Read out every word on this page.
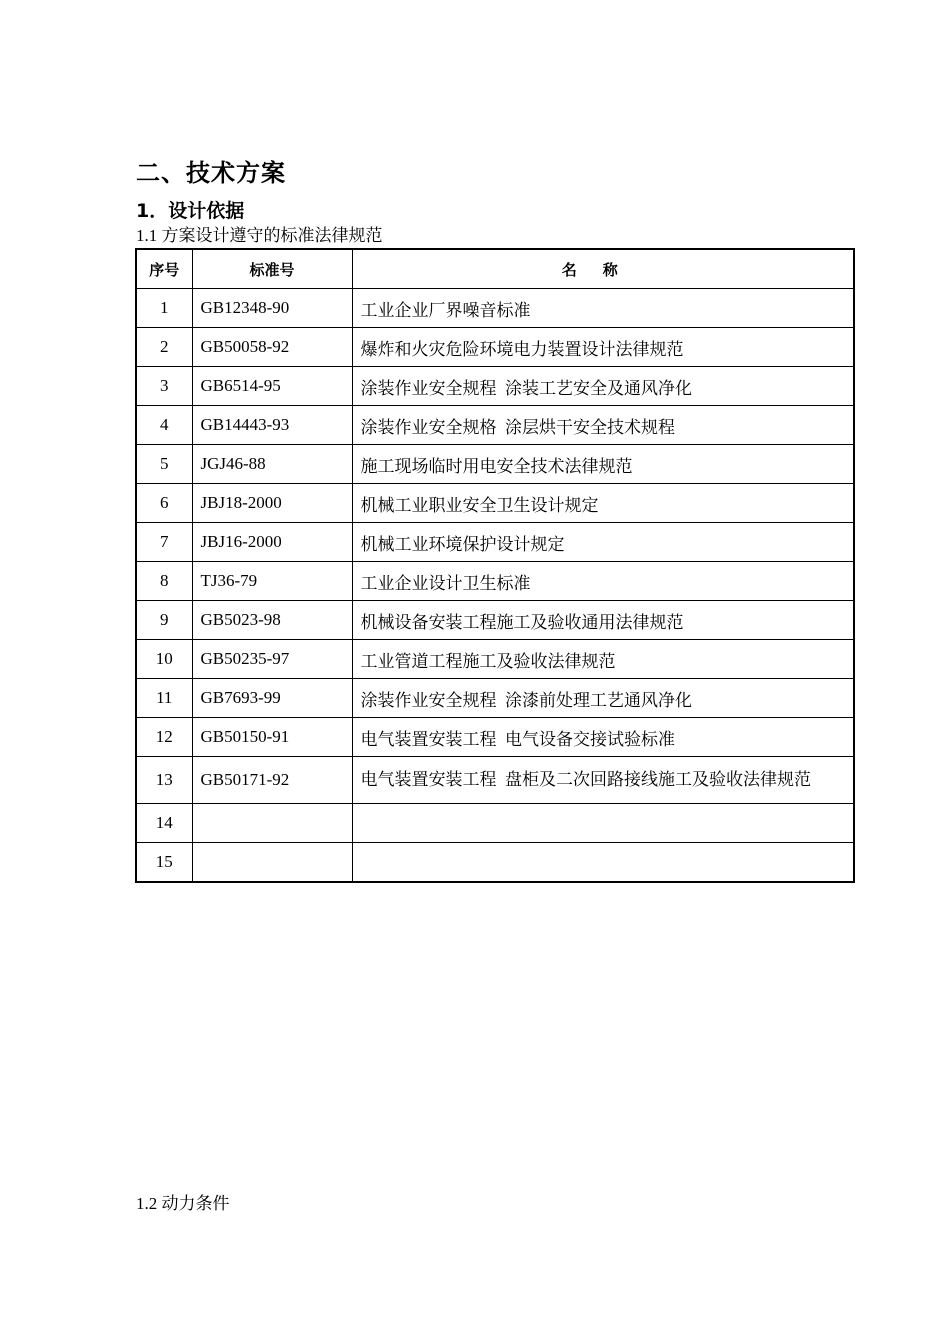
二、技术方案
1．设计依据
1.1 方案设计遵守的标准法律规范
序号	标准号	名称
1	GB12348-90	工业企业厂界噪音标准
2	GB50058-92	爆炸和火灾危险环境电力装置设计法律规范
3	GB6514-95	涂装作业安全规程  涂装工艺安全及通风净化
4	GB14443-93	涂装作业安全规格  涂层烘干安全技术规程
5	JGJ46-88	施工现场临时用电安全技术法律规范
6	JBJ18-2000	机械工业职业安全卫生设计规定
7	JBJ16-2000	机械工业环境保护设计规定
8	TJ36-79	工业企业设计卫生标准
9	GB5023-98	机械设备安装工程施工及验收通用法律规范
10	GB50235-97	工业管道工程施工及验收法律规范
11	GB7693-99	涂装作业安全规程  涂漆前处理工艺通风净化
12	GB50150-91	电气装置安装工程  电气设备交接试验标准
13	GB50171-92	电气装置安装工程  盘柜及二次回路接线施工及验收法律规范
14		
15		
1.2 动力条件
